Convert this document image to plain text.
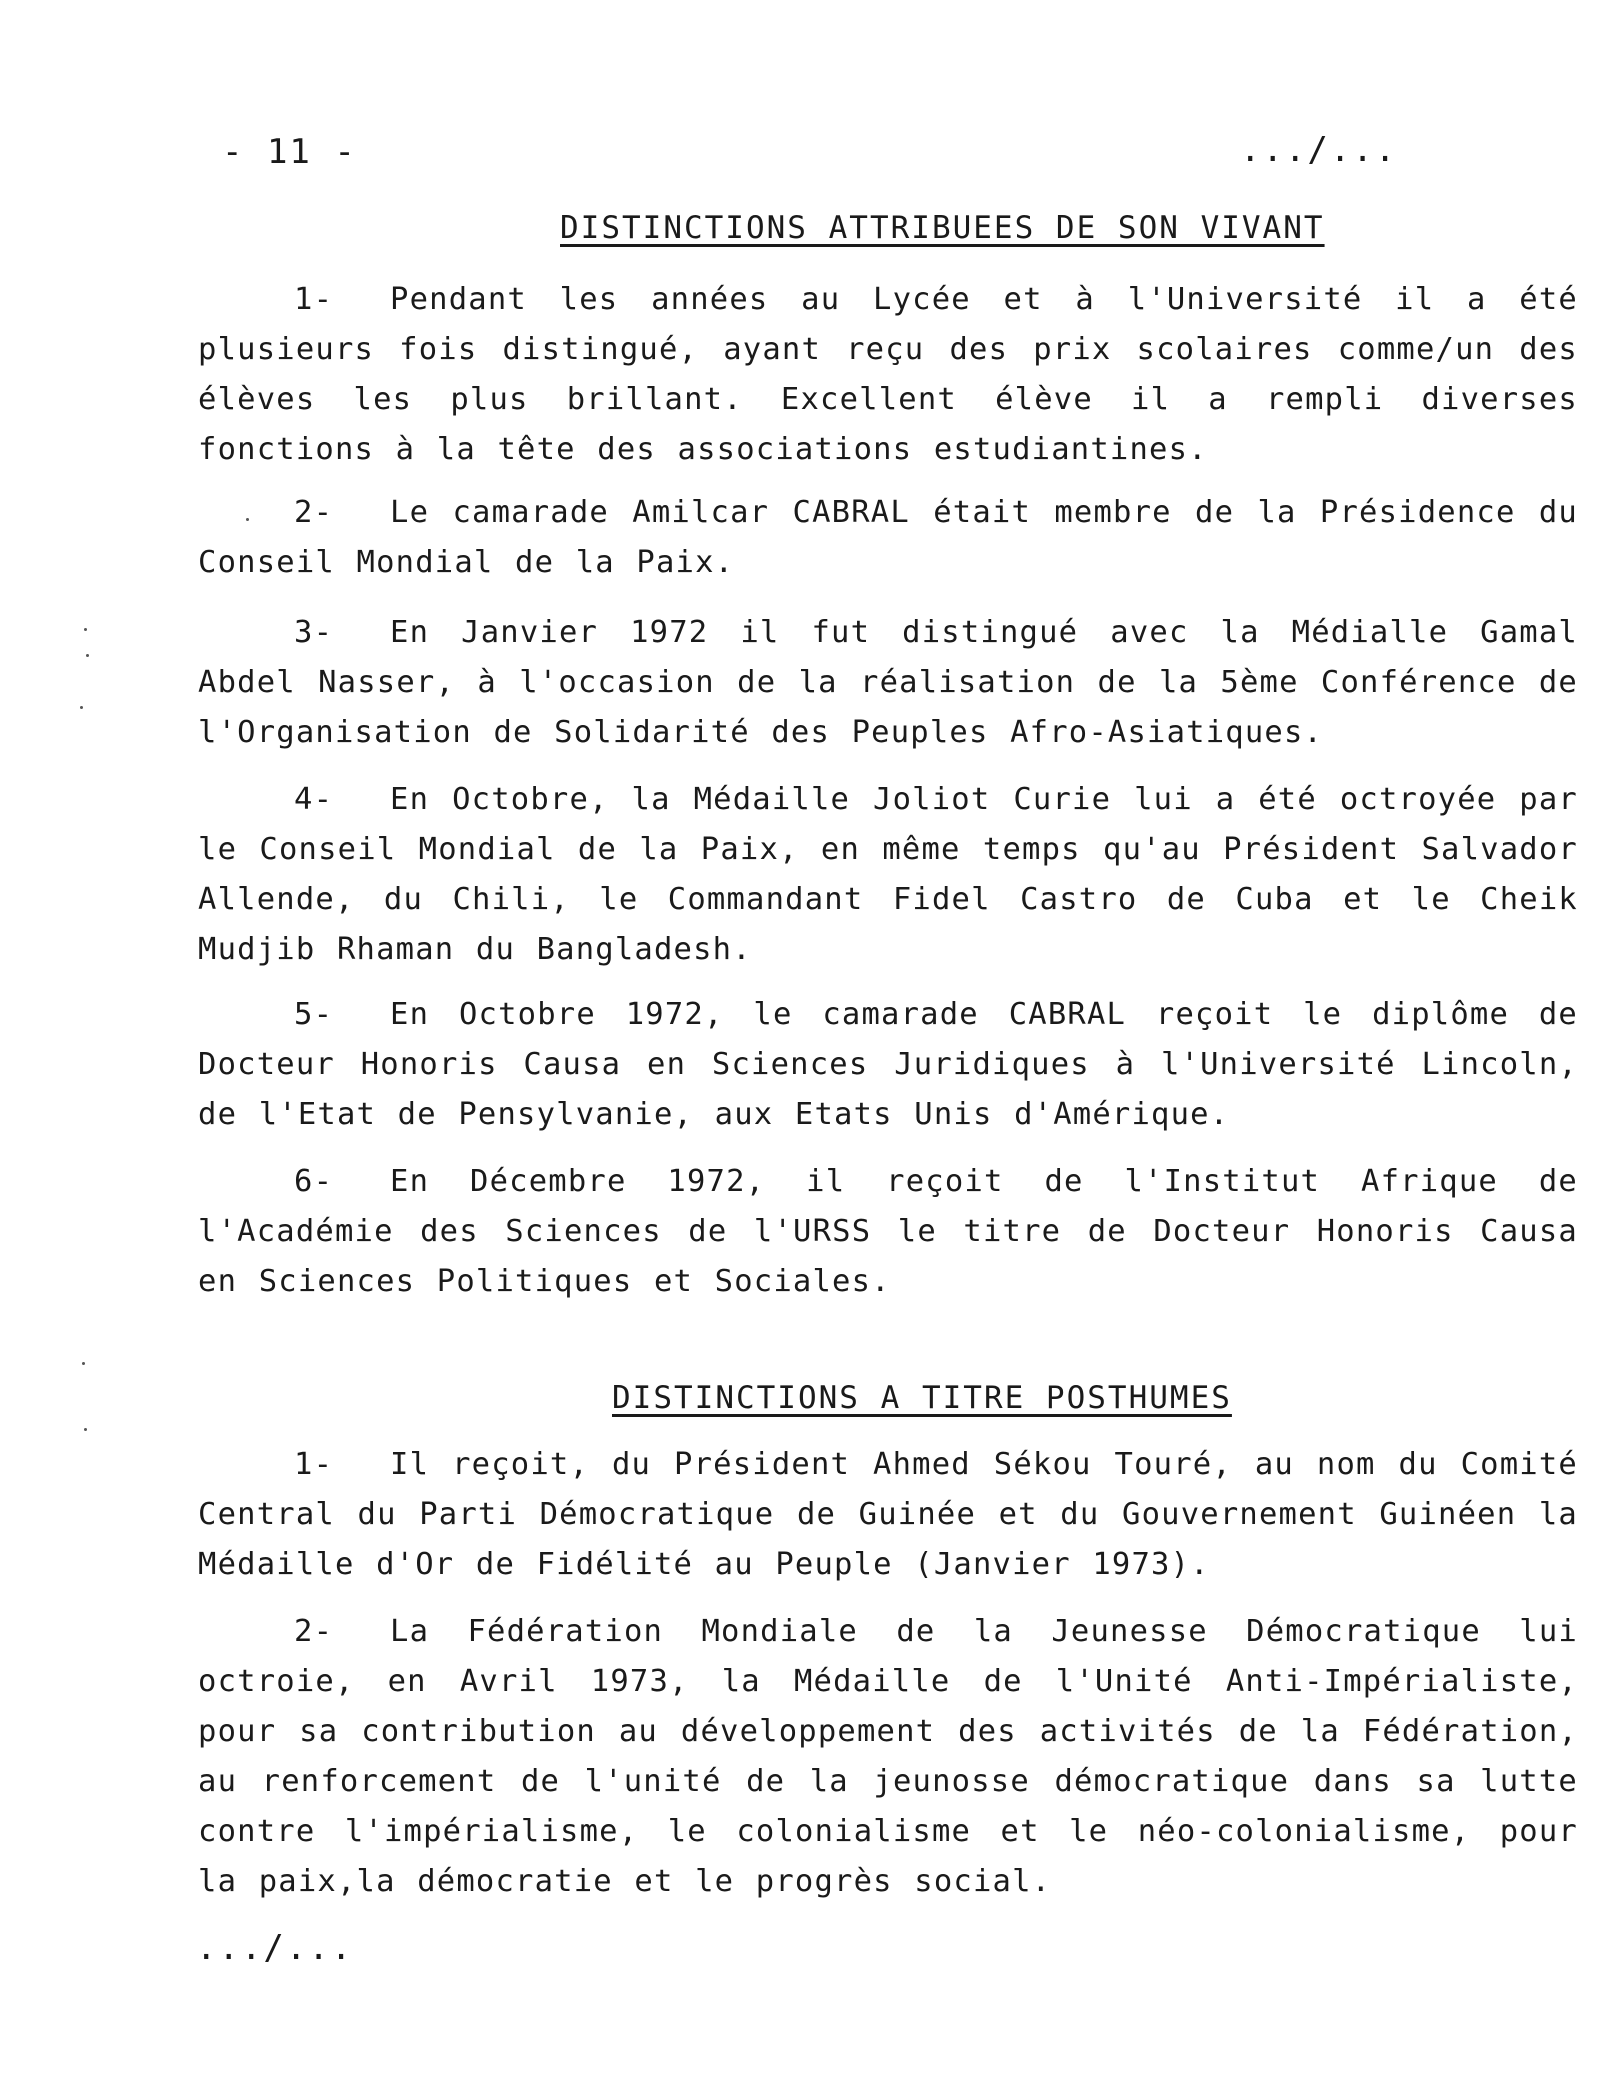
- 11 -	.../...
DISTINCTIONS ATTRIBUEES DE SON VIVANT
1- Pendant les années au Lycée et à l'Université il a été plusieurs fois distingué, ayant reçu des prix scolaires comme/un des élèves les plus brillant. Excellent élève il a rempli diverses fonctions à la tête des associations estudiantines.
2- Le camarade Amilcar CABRAL était membre de la Présidence du Conseil Mondial de la Paix.
3- En Janvier 1972 il fut distingué avec la Médialle Gamal Abdel Nasser, à l'occasion de la réalisation de la 5ème Conférence de l'Organisation de Solidarité des Peuples Afro-Asiatiques.
4- En Octobre, la Médaille Joliot Curie lui a été octroyée par le Conseil Mondial de la Paix, en même temps qu'au Président Salvador Allende, du Chili, le Commandant Fidel Castro de Cuba et le Cheik Mudjib Rhaman du Bangladesh.
5- En Octobre 1972, le camarade CABRAL reçoit le diplôme de Docteur Honoris Causa en Sciences Juridiques à l'Université Lincoln, de l'Etat de Pensylvanie, aux Etats Unis d'Amérique.
6- En Décembre 1972, il reçoit de l'Institut Afrique de l'Académie des Sciences de l'URSS le titre de Docteur Honoris Causa en Sciences Politiques et Sociales.
DISTINCTIONS A TITRE POSTHUMES
1- Il reçoit, du Président Ahmed Sékou Touré, au nom du Comité Central du Parti Démocratique de Guinée et du Gouvernement Guinéen la Médaille d'Or de Fidélité au Peuple (Janvier 1973).
2- La Fédération Mondiale de la Jeunesse Démocratique lui octroie, en Avril 1973, la Médaille de l'Unité Anti-Impérialiste, pour sa contribution au développement des activités de la Fédération, au renforcement de l'unité de la jeunosse démocratique dans sa lutte contre l'impérialisme, le colonialisme et le néo-colonialisme, pour la paix,la démocratie et le progrès social.
.../...
